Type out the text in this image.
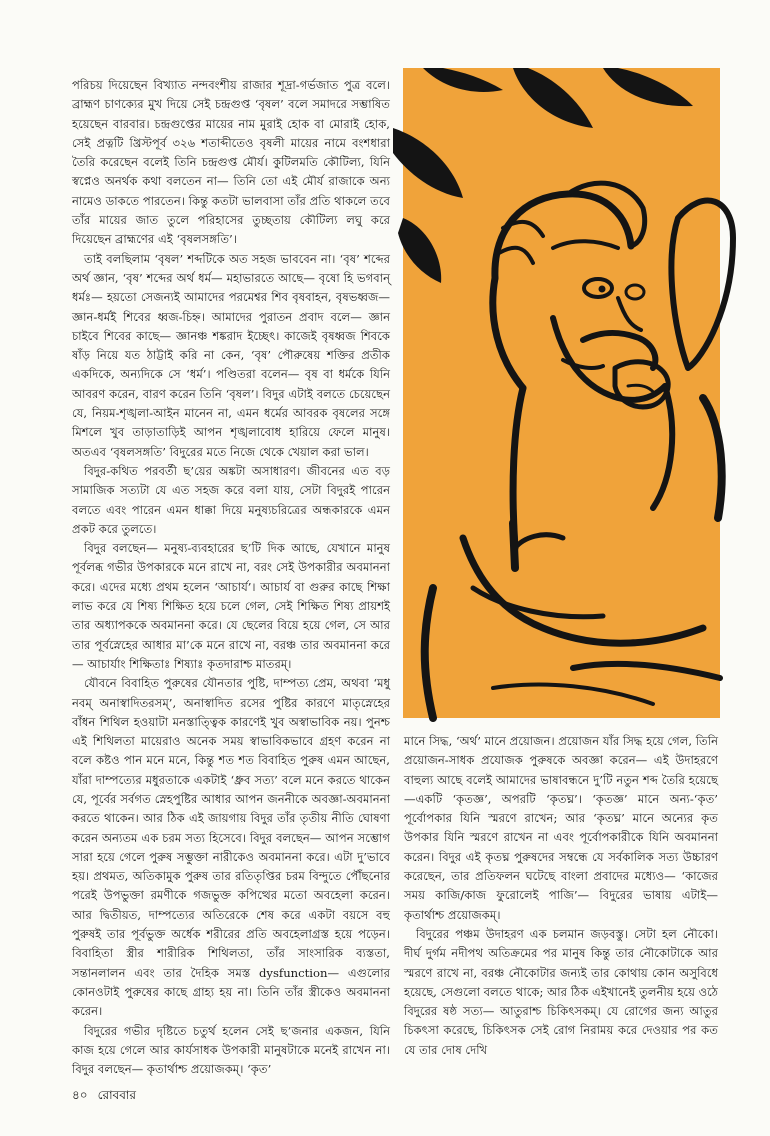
পরিচয় দিয়েছেন বিখ্যাত নন্দবংশীয় রাজার শূদ্রা-গর্ভজাত পুত্র বলে। ব্রাহ্মণ চাণক্যের মুখ দিয়ে সেই চন্দ্রগুপ্ত ‘বৃষল’ বলে সমাদরে সম্ভাষিত হয়েছেন বারবার। চন্দ্রগুপ্তের মায়ের নাম মুরাই হোক বা মোরাই হোক, সেই প্রত্নটি খ্রিস্টপূর্ব ৩২৬ শতাব্দীতেও বৃষলী মায়ের নামে বংশধারা তৈরি করেছেন বলেই তিনি চন্দ্রগুপ্ত মৌর্য। কুটিলমতি কৌটিল্য, যিনি স্বপ্নেও অনর্থক কথা বলতেন না— তিনি তো এই মৌর্য রাজাকে অন্য নামেও ডাকতে পারতেন। কিন্তু কতটা ভালবাসা তাঁর প্রতি থাকলে তবে তাঁর মায়ের জাত তুলে পরিহাসের তুচ্ছতায় কৌটিল্য লঘু করে দিয়েছেন ব্রাহ্মণের এই ‘বৃষলসঙ্গতি’।

তাই বলছিলাম ‘বৃষল’ শব্দটিকে অত সহজ ভাববেন না। ‘বৃষ’ শব্দের অর্থ জ্ঞান, ‘বৃষ’ শব্দের অর্থ ধর্ম— মহাভারতে আছে— বৃষো হি ভগবান্ ধর্মঃ— হয়তো সেজন্যই আমাদের পরমেশ্বর শিব বৃষবাহন, বৃষভধ্বজ— জ্ঞান-ধর্মই শিবের ধ্বজ-চিহ্ন। আমাদের পুরাতন প্রবাদ বলে— জ্ঞান চাইবে শিবের কাছে— জ্ঞানঞ্চ শঙ্করাদ ইচ্ছেৎ। কাজেই বৃষধ্বজ শিবকে ষাঁড় নিয়ে যত ঠাট্টাই করি না কেন, ‘বৃষ’ পৌরুষেয় শক্তির প্রতীক একদিকে, অন্যদিকে সে ‘ধর্ম’। পণ্ডিতরা বলেন— বৃষ বা ধর্মকে যিনি আবরণ করেন, বারণ করেন তিনি ‘বৃষল’। বিদুর এটাই বলতে চেয়েছেন যে, নিয়ম-শৃঙ্খলা-আইন মানেন না, এমন ধর্মের আবরক বৃষলের সঙ্গে মিশলে খুব তাড়াতাড়িই আপন শৃঙ্খলাবোধ হারিয়ে ফেলে মানুষ। অতএব ‘বৃষলসঙ্গতি’ বিদুরের মতে নিজে থেকে খেয়াল করা ভাল।

বিদুর-কথিত পরবর্তী ছ’য়ের অঙ্কটা অসাধারণ। জীবনের এত বড় সামাজিক সত্যটা যে এত সহজ করে বলা যায়, সেটা বিদুরই পারেন বলতে এবং পারেন এমন ধাক্কা দিয়ে মনুষ্যচরিত্রের অন্ধকারকে এমন প্রকট করে তুলতে।

বিদুর বলছেন— মনুষ্য-ব্যবহারের ছ’টি দিক আছে, যেখানে মানুষ পূর্বলব্ধ গভীর উপকারকে মনে রাখে না, বরং সেই উপকারীর অবমাননা করে। এদের মধ্যে প্রথম হলেন ‘আচার্য’। আচার্য বা গুরুর কাছে শিক্ষা লাভ করে যে শিষ্য শিক্ষিত হয়ে চলে গেল, সেই শিক্ষিত শিষ্য প্রায়শই তার অধ্যাপককে অবমাননা করে। যে ছেলের বিয়ে হয়ে গেল, সে আর তার পূর্বস্নেহের আধার মা’কে মনে রাখে না, বরঞ্চ তার অবমাননা করে— আচার্যাং শিক্ষিতাঃ শিষ্যাঃ কৃতদারাশ্চ মাতরম্।

যৌবনে বিবাহিত পুরুষের যৌনতার পুষ্টি, দাম্পত্য প্রেম, অথবা ‘মধু নবম্ অনাস্বাদিতরসম্’, অনাস্বাদিত রসের পুষ্টির কারণে মাতৃস্নেহের বাঁধন শিথিল হওয়াটা মনস্তাত্ত্বিক কারণেই খুব অস্বাভাবিক নয়। পুনশ্চ এই শিথিলতা মায়েরাও অনেক সময় স্বাভাবিকভাবে গ্রহণ করেন না বলে কষ্টও পান মনে মনে, কিন্তু শত শত বিবাহিত পুরুষ এমন আছেন, যাঁরা দাম্পত্যের মধুরতাকে একটাই ‘ধ্রুব সত্য’ বলে মনে করতে থাকেন যে, পূর্বের সর্বগত স্নেহপুষ্টির আধার আপন জননীকে অবজ্ঞা-অবমাননা করতে থাকেন। আর ঠিক এই জায়গায় বিদুর তাঁর তৃতীয় নীতি ঘোষণা করেন অন্যতম এক চরম সত্য হিসেবে। বিদুর বলছেন— আপন সম্ভোগ সারা হয়ে গেলে পুরুষ সম্ভুক্তা নারীকেও অবমাননা করে। এটা দু’ভাবে হয়। প্রথমত, অতিকামুক পুরুষ তার রতিতৃপ্তির চরম বিন্দুতে পৌঁছনোর পরেই উপভুক্তা রমণীকে গজভুক্ত কপিত্থের মতো অবহেলা করেন। আর দ্বিতীয়ত, দাম্পত্যের অতিরেকে শেষ করে একটা বয়সে বহু পুরুষই তার পূর্বভুক্ত অর্ধেক শরীরের প্রতি অবহেলাগ্রস্ত হয়ে পড়েন। বিবাহিতা স্ত্রীর শারীরিক শিথিলতা, তাঁর সাংসারিক ব্যস্ততা, সন্তানলালন এবং তার দৈহিক সমস্ত dysfunction— এগুলোর কোনওটাই পুরুষের কাছে গ্রাহ্য হয় না। তিনি তাঁর স্ত্রীকেও অবমাননা করেন।

বিদুরের গভীর দৃষ্টিতে চতুর্থ হলেন সেই ছ’জনার একজন, যিনি কাজ হয়ে গেলে আর কার্যসাধক উপকারী মানুষটাকে মনেই রাখেন না। বিদুর বলছেন— কৃতার্থাশ্চ প্রয়োজকম্। ‘কৃত’

মানে সিদ্ধ, ‘অর্থ’ মানে প্রয়োজন। প্রয়োজন যাঁর সিদ্ধ হয়ে গেল, তিনি প্রয়োজন-সাধক প্রযোজক পুরুষকে অবজ্ঞা করেন— এই উদাহরণে বাহুল্য আছে বলেই আমাদের ভাষাবন্ধনে দু’টি নতুন শব্দ তৈরি হয়েছে—একটি ‘কৃতজ্ঞ’, অপরটি ‘কৃতঘ্ন’। ‘কৃতজ্ঞ’ মানে অন্য-‘কৃত’ পূর্বোপকার যিনি স্মরণে রাখেন; আর ‘কৃতঘ্ন’ মানে অন্যের কৃত উপকার যিনি স্মরণে রাখেন না এবং পূর্বোপকারীকে যিনি অবমাননা করেন। বিদুর এই কৃতঘ্ন পুরুষদের সম্বন্ধে যে সর্বকালিক সত্য উচ্চারণ করেছেন, তার প্রতিফলন ঘটেছে বাংলা প্রবাদের মধ্যেও— ‘কাজের সময় কাজি/কাজ ফুরোলেই পাজি’— বিদুরের ভাষায় এটাই— কৃতার্থাশ্চ প্রয়োজকম্।

বিদুরের পঞ্চম উদাহরণ এক চলমান জড়বস্তু। সেটা হল নৌকো। দীর্ঘ দুর্গম নদীপথ অতিক্রমের পর মানুষ কিন্তু তার নৌকোটাকে আর স্মরণে রাখে না, বরঞ্চ নৌকোটার জন্যই তার কোথায় কোন অসুবিধে হয়েছে, সেগুলো বলতে থাকে; আর ঠিক এইখানেই তুলনীয় হয়ে ওঠে বিদুরের ষষ্ঠ সত্য— আতুরাশ্চ চিকিৎসকম্। যে রোগের জন্য আতুর চিকৎসা করেছে, চিকিৎসক সেই রোগ নিরাময় করে দেওয়ার পর কত যে তার দোষ দেখি

৪০ রোববার
